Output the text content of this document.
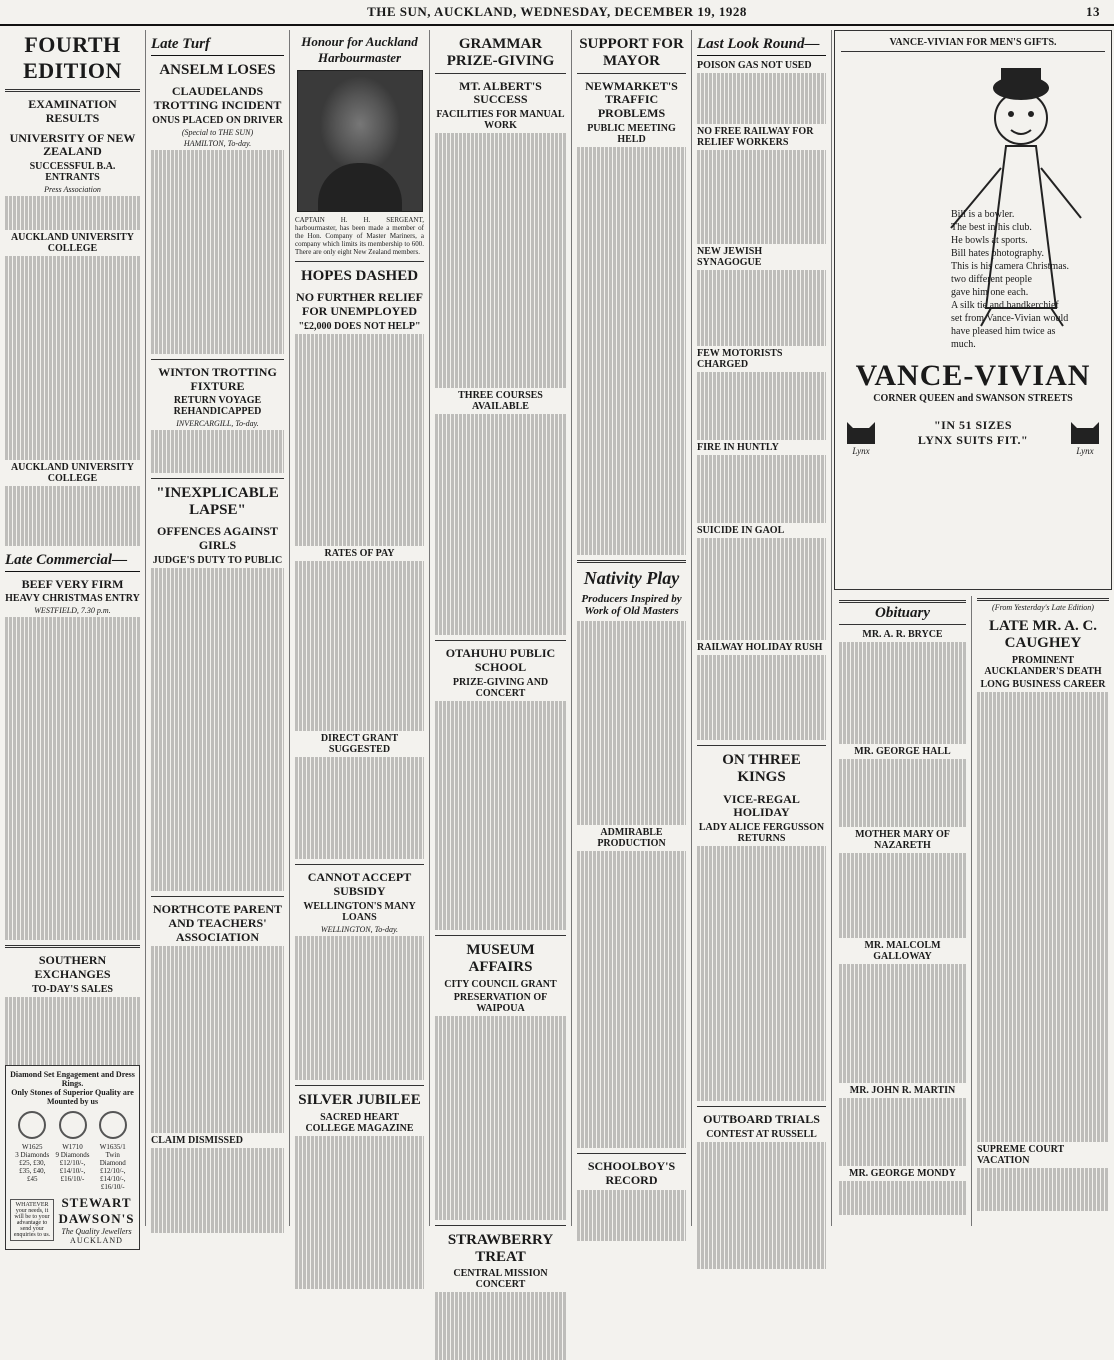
THE SUN, AUCKLAND, WEDNESDAY, DECEMBER 19, 1928	13
FOURTH EDITION
EXAMINATION RESULTS
UNIVERSITY OF NEW ZEALAND
SUCCESSFUL B.A. ENTRANTS
Press Association

AUCKLAND UNIVERSITY COLLEGE

AUCKLAND UNIVERSITY COLLEGE

Late Commercial—
BEEF VERY FIRM
HEAVY CHRISTMAS ENTRY
WESTFIELD, 7.30 p.m.

SOUTHERN EXCHANGES
TO-DAY'S SALES

Diamond Set Engagement and Dress Rings.
Only Stones of Superior Quality are Mounted by us

W1625
3 Diamonds
£25, £30, £35, £40, £45
W1710
9 Diamonds
£12/10/-, £14/10/-, £16/10/-
W1635/1
Twin Diamond
£12/10/-, £14/10/-, £16/10/-
WHATEVER your needs, it will be to your advantage to send your enquiries to us.
STEWART DAWSON'S
The Quality Jewellers
AUCKLAND
Late Turf
ANSELM LOSES
CLAUDELANDS TROTTING INCIDENT
ONUS PLACED ON DRIVER
(Special to THE SUN)
HAMILTON, To-day.

WINTON TROTTING FIXTURE
RETURN VOYAGE REHANDICAPPED
INVERCARGILL, To-day.

"INEXPLICABLE LAPSE"
OFFENCES AGAINST GIRLS
JUDGE'S DUTY TO PUBLIC

NORTHCOTE PARENT AND TEACHERS' ASSOCIATION

CLAIM DISMISSED

Honour for Auckland Harbourmaster
CAPTAIN H. H. SERGEANT, harbourmaster, has been made a member of the Hon. Company of Master Mariners, a company which limits its membership to 600. There are only eight New Zealand members.
HOPES DASHED
NO FURTHER RELIEF FOR UNEMPLOYED
"£2,000 DOES NOT HELP"

RATES OF PAY

DIRECT GRANT SUGGESTED

CANNOT ACCEPT SUBSIDY
WELLINGTON'S MANY LOANS
WELLINGTON, To-day.

SILVER JUBILEE
SACRED HEART COLLEGE MAGAZINE

GRAMMAR PRIZE-GIVING
MT. ALBERT'S SUCCESS
FACILITIES FOR MANUAL WORK

THREE COURSES AVAILABLE

OTAHUHU PUBLIC SCHOOL
PRIZE-GIVING AND CONCERT

MUSEUM AFFAIRS
CITY COUNCIL GRANT
PRESERVATION OF WAIPOUA

STRAWBERRY TREAT
CENTRAL MISSION CONCERT

SUPPORT FOR MAYOR
NEWMARKET'S TRAFFIC PROBLEMS
PUBLIC MEETING HELD

Nativity Play
Producers Inspired by Work of Old Masters

ADMIRABLE PRODUCTION

SCHOOLBOY'S RECORD

Last Look Round—
POISON GAS NOT USED

NO FREE RAILWAY FOR RELIEF WORKERS

NEW JEWISH SYNAGOGUE

FEW MOTORISTS CHARGED

FIRE IN HUNTLY

SUICIDE IN GAOL

RAILWAY HOLIDAY RUSH

ON THREE KINGS
VICE-REGAL HOLIDAY
LADY ALICE FERGUSSON RETURNS

OUTBOARD TRIALS
CONTEST AT RUSSELL

VANCE-VIVIAN FOR MEN'S GIFTS.
Bill is a bowler.
The best in his club.
He bowls at sports.
Bill hates photography.
This is his camera Christmas.
two different people
gave him one each.
A silk tie and handkerchief
set from Vance-Vivian would
have pleased him twice as
much.
VANCE-VIVIAN
CORNER QUEEN and SWANSON STREETS
Lynx
"IN 51 SIZES
LYNX SUITS FIT."
Lynx
Obituary
MR. A. R. BRYCE

MR. GEORGE HALL

MOTHER MARY OF NAZARETH

MR. MALCOLM GALLOWAY

MR. JOHN R. MARTIN

MR. GEORGE MONDY

(From Yesterday's Late Edition)
LATE MR. A. C. CAUGHEY
PROMINENT AUCKLANDER'S DEATH
LONG BUSINESS CAREER

SUPREME COURT VACATION
